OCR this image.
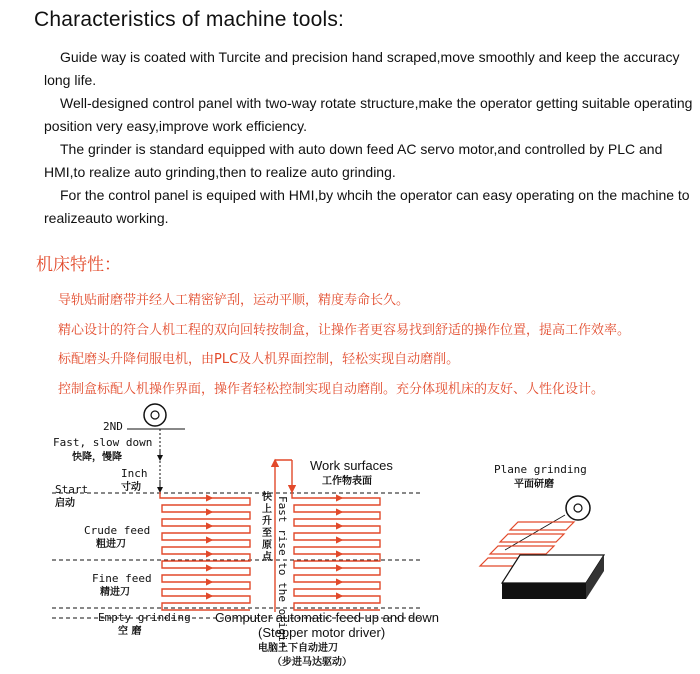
Characteristics of machine tools:

Guide way is coated with Turcite and precision hand scraped,move smoothly and keep the accuracy long life.

Well-designed control panel with two-way rotate structure,make the operator getting suitable operating position very easy,improve work efficiency.

The grinder is standard equipped with auto down feed AC servo motor,and controlled by PLC and HMI,to realize auto grinding,then to realize auto grinding.

For the control panel is equiped with HMI,by whcih the operator can easy operating on the machine to realizeauto working.

机床特性：

导轨贴耐磨带并经人工精密铲刮，运动平顺，精度寿命长久。

精心设计的符合人机工程的双向回转按制盒，让操作者更容易找到舒适的操作位置，提高工作效率。

标配磨头升降伺服电机，由PLC及人机界面控制，轻松实现自动磨削。

控制盒标配人机操作界面，操作者轻松控制实现自动磨削。充分体现机床的友好、人性化设计。

2ND
Fast, slow down
快降，慢降
Inch
寸动
Start
启动
Crude feed
粗进刀
Fine feed
精进刀
Empty grinding
空 磨
快
上
升
至
原
点 Fast rise to the origin
Work surfaces
工作物表面
Computer automatic feed up and down
(Stepper motor driver)
电脑上下自动进刀
（步进马达驱动）
Plane grinding
平面研磨
